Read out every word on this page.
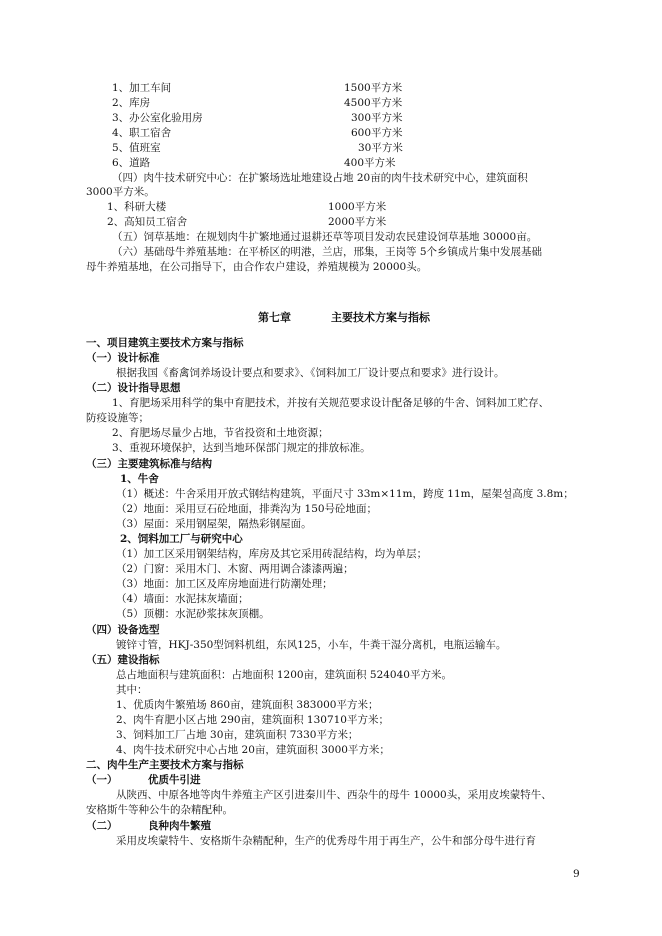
1、加工车间	1500平方米
2、库房	4500平方米
3、办公室化验用房	300平方米
4、职工宿舍	600平方米
5、值班室	30平方米
6、道路	400平方米
（四）肉牛技术研究中心：在扩繁场选址地建设占地 20亩的肉牛技术研究中心，建筑面积
3000平方米。
1、科研大楼	1000平方米
2、高知员工宿舍	2000平方米
（五）饲草基地：在规划肉牛扩繁地通过退耕还草等项目发动农民建设饲草基地 30000亩。
（六）基础母牛养殖基地：在平桥区的明港，兰店，邢集，王岗等 5个乡镇成片集中发展基础
母牛养殖基地，在公司指导下，由合作农户建设，养殖规模为 20000头。
第七章	主要技术方案与指标
一、项目建筑主要技术方案与指标
（一）设计标准
根据我国《畜禽饲养场设计要点和要求》、《饲料加工厂设计要点和要求》进行设计。
（二）设计指导思想
1、育肥场采用科学的集中育肥技术，并按有关规范要求设计配备足够的牛舍、饲料加工贮存、
防疫设施等；
2、育肥场尽量少占地，节省投资和土地资源；
3、重视环境保护，达到当地环保部门规定的排放标准。
（三）主要建筑标准与结构
1、牛舍
（1）概述：牛舍采用开放式钢结构建筑，平面尺寸 33m×11m，跨度 11m，屋架설高度 3.8m；
（2）地面：采用豆石砼地面，排粪沟为 150号砼地面；
（3）屋面：采用钢屋架，隔热彩钢屋面。
2、饲料加工厂与研究中心
（1）加工区采用钢架结构，库房及其它采用砖混结构，均为单层；
（2）门窗：采用木门、木窗、两用调合漆漆两遍；
（3）地面：加工区及库房地面进行防潮处理；
（4）墙面：水泥抹灰墙面；
（5）顶棚：水泥砂浆抹灰顶棚。
（四）设备选型
镀锌寸管，HKJ-350型饲料机组，东风125，小车，牛粪干湿分离机，电瓶运输车。
（五）建设指标
总占地面积与建筑面积：占地面积 1200亩，建筑面积 524040平方米。
其中：
1、优质肉牛繁殖场 860亩，建筑面积 383000平方米；
2、肉牛育肥小区占地 290亩，建筑面积 130710平方米；
3、饲料加工厂占地 30亩，建筑面积 7330平方米；
4、肉牛技术研究中心占地 20亩，建筑面积 3000平方米；
二、肉牛生产主要技术方案与指标
（一）	优质牛引进
从陕西、中原各地等肉牛养殖主产区引进秦川牛、西杂牛的母牛 10000头，采用皮埃蒙特牛、
安格斯牛等种公牛的杂精配种。
（二）	良种肉牛繁殖
采用皮埃蒙特牛、安格斯牛杂精配种，生产的优秀母牛用于再生产，公牛和部分母牛进行育
9
